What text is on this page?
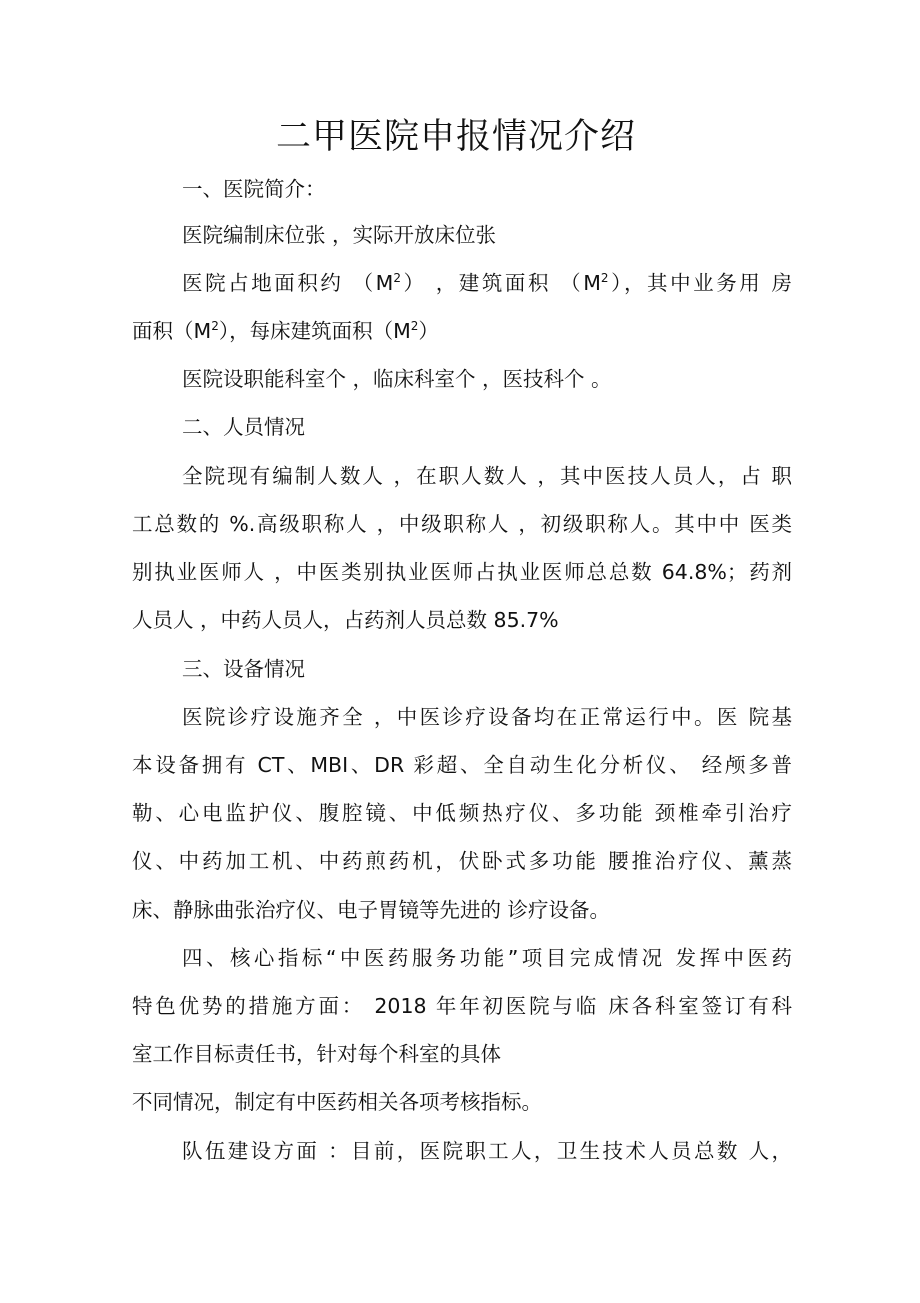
二甲医院申报情况介绍

一、医院简介：

医院编制床位张 ，实际开放床位张

医院占地面积约 $(M^2)$ ，建筑面积 $(M^2)$，其中业务用 房

面积$(M^2)$，每床建筑面积$(M^2)$

医院设职能科室个 ，临床科室个 ，医技科个 。

二、人员情况

全院现有编制人数人 ，在职人数人 ，其中医技人员人，占 职

工总数的 %.高级职称人 ，中级职称人 ，初级职称人。其中中 医类

别执业医师人 ，中医类别执业医师占执业医师总总数 64.8%；药剂

人员人 ，中药人员人，占药剂人员总数 85.7%

三、设备情况

医院诊疗设施齐全 ，中医诊疗设备均在正常运行中。医 院基

本设备拥有 CT、MBI、DR 彩超、全自动生化分析仪、 经颅多普

勒、心电监护仪、腹腔镜、中低频热疗仪、多功能 颈椎牵引治疗

仪、中药加工机、中药煎药机，伏卧式多功能 腰推治疗仪、薰蒸

床、静脉曲张治疗仪、电子胃镜等先进的 诊疗设备。

四、核心指标“中医药服务功能”项目完成情况 发挥中医药

特色优势的措施方面： 2018 年年初医院与临 床各科室签订有科

室工作目标责任书，针对每个科室的具体

不同情况，制定有中医药相关各项考核指标。

队伍建设方面 ：目前，医院职工人，卫生技术人员总数 人，
